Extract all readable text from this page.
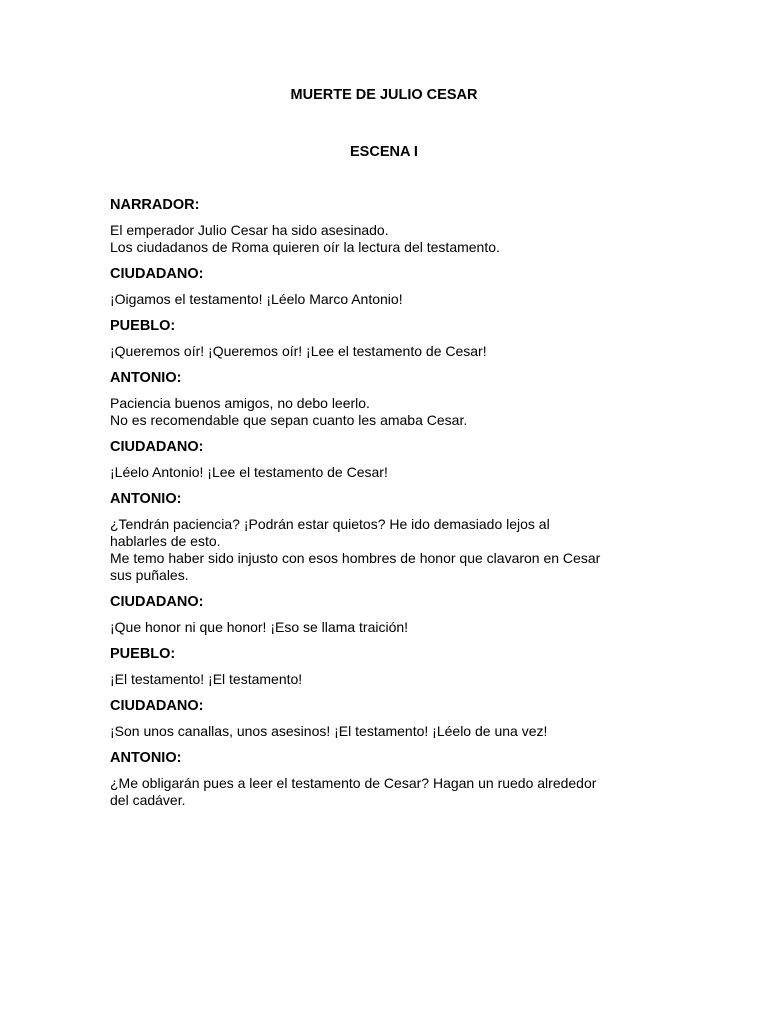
MUERTE DE JULIO CESAR
ESCENA I
NARRADOR:
El emperador Julio Cesar ha sido asesinado.
Los ciudadanos de Roma quieren oír la lectura del testamento.
CIUDADANO:
¡Oigamos el testamento! ¡Léelo Marco Antonio!
PUEBLO:
¡Queremos oír! ¡Queremos oír! ¡Lee el testamento de Cesar!
ANTONIO:
Paciencia buenos amigos, no debo leerlo.
No es recomendable que sepan cuanto les amaba Cesar.
CIUDADANO:
¡Léelo Antonio! ¡Lee el testamento de Cesar!
ANTONIO:
¿Tendrán paciencia? ¡Podrán estar quietos? He ido demasiado lejos al
hablarles de esto.
Me temo haber sido injusto con esos hombres de honor que clavaron en Cesar
sus puñales.
CIUDADANO:
¡Que honor ni que honor! ¡Eso se llama traición!
PUEBLO:
¡El testamento! ¡El testamento!
CIUDADANO:
¡Son unos canallas, unos asesinos! ¡El testamento! ¡Léelo de una vez!
ANTONIO:
¿Me obligarán pues a leer el testamento de Cesar? Hagan un ruedo alrededor
del cadáver.
